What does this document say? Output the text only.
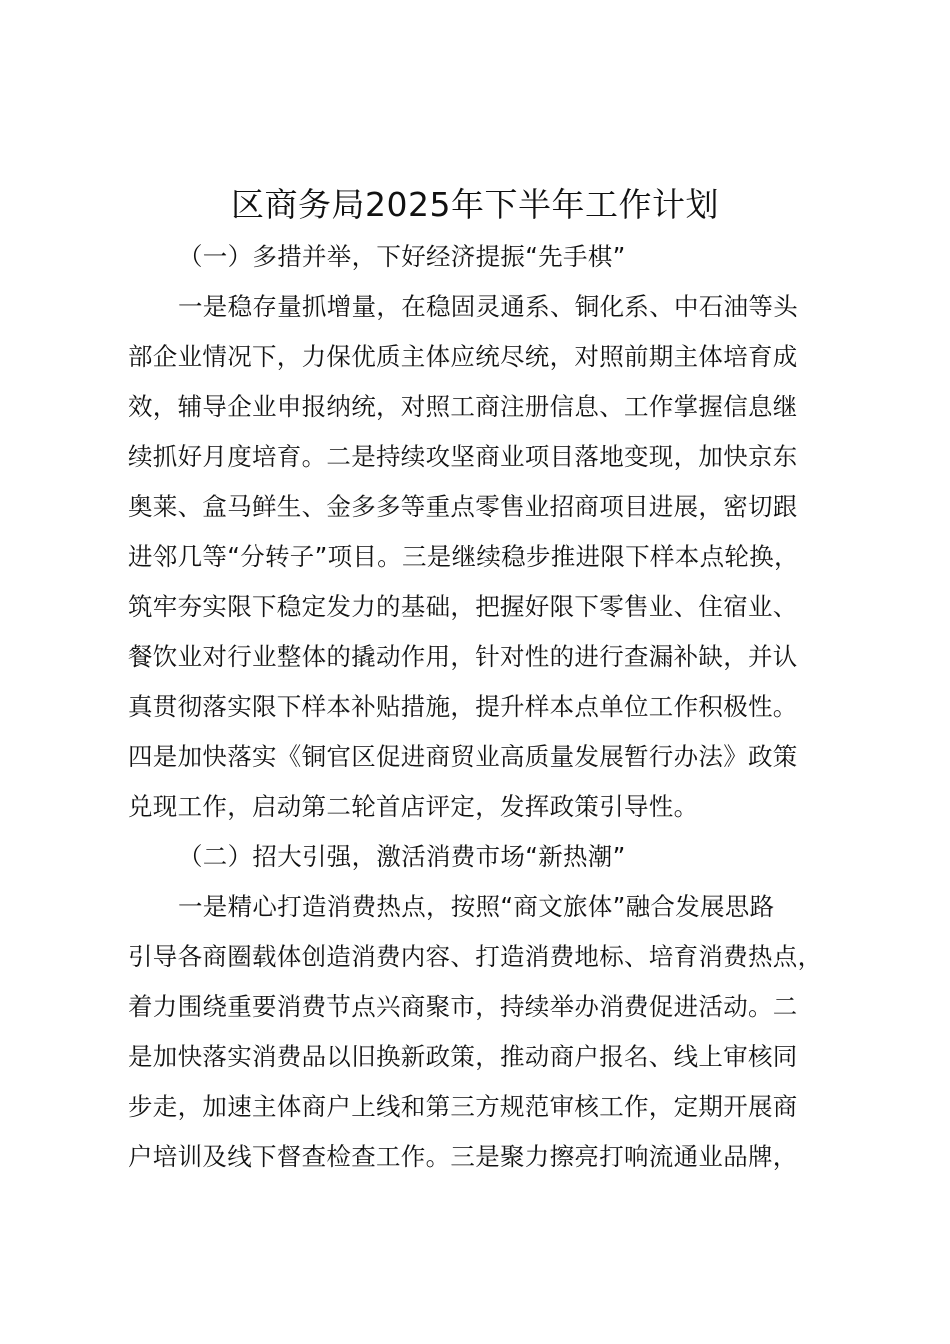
区商务局2025年下半年工作计划
（一）多措并举，下好经济提振“先手棋”
一是稳存量抓增量，在稳固灵通系、铜化系、中石油等头
部企业情况下，力保优质主体应统尽统，对照前期主体培育成
效，辅导企业申报纳统，对照工商注册信息、工作掌握信息继
续抓好月度培育。二是持续攻坚商业项目落地变现，加快京东
奥莱、盒马鲜生、金多多等重点零售业招商项目进展，密切跟
进邻几等“分转子”项目。三是继续稳步推进限下样本点轮换，
筑牢夯实限下稳定发力的基础，把握好限下零售业、住宿业、
餐饮业对行业整体的撬动作用，针对性的进行查漏补缺，并认
真贯彻落实限下样本补贴措施，提升样本点单位工作积极性。
四是加快落实《铜官区促进商贸业高质量发展暂行办法》政策
兑现工作，启动第二轮首店评定，发挥政策引导性。
（二）招大引强，激活消费市场“新热潮”
一是精心打造消费热点，按照“商文旅体”融合发展思路
引导各商圈载体创造消费内容、打造消费地标、培育消费热点，
着力围绕重要消费节点兴商聚市，持续举办消费促进活动。二
是加快落实消费品以旧换新政策，推动商户报名、线上审核同
步走，加速主体商户上线和第三方规范审核工作，定期开展商
户培训及线下督查检查工作。三是聚力擦亮打响流通业品牌，
